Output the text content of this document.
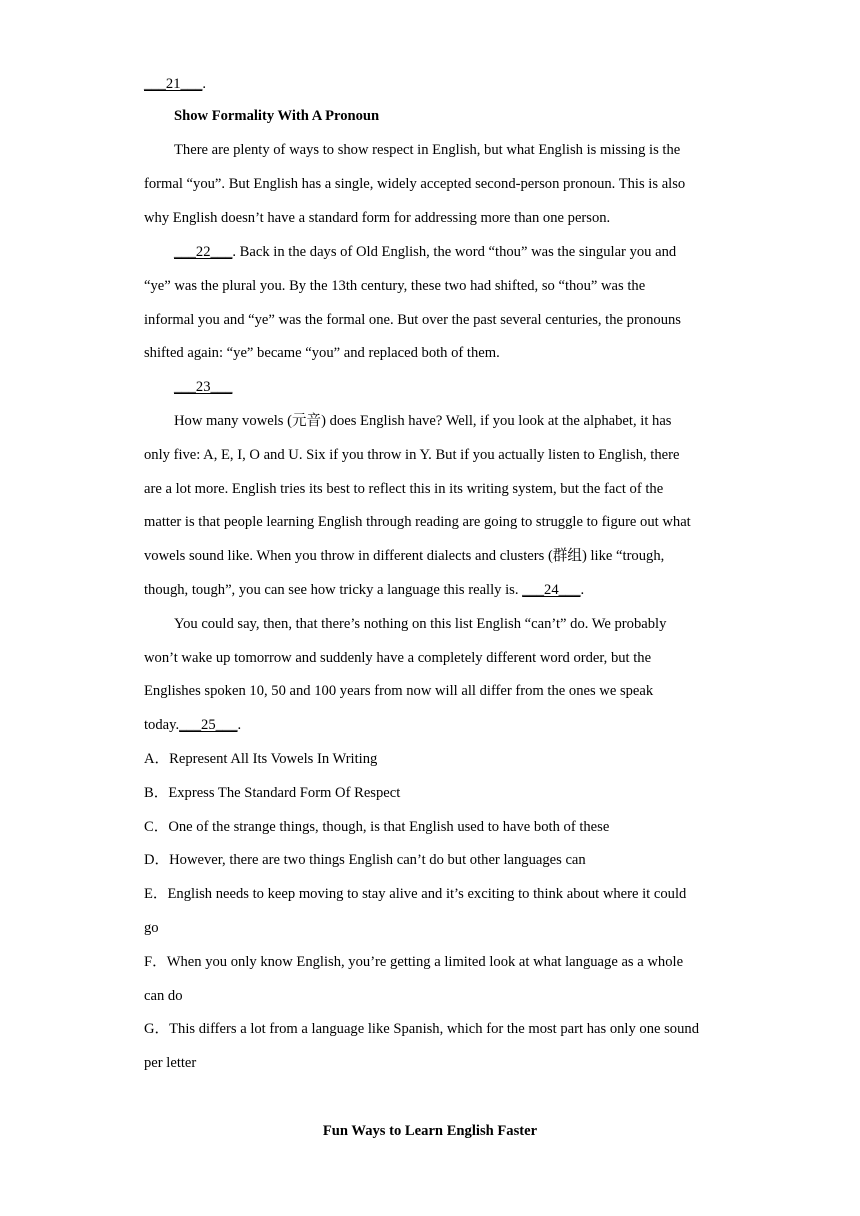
___21___.
Show Formality With A Pronoun
There are plenty of ways to show respect in English, but what English is missing is the
formal “you”. But English has a single, widely accepted second-person pronoun. This is also
why English doesn’t have a standard form for addressing more than one person.
___22___. Back in the days of Old English, the word “thou” was the singular you and
“ye” was the plural you. By the 13th century, these two had shifted, so “thou” was the
informal you and “ye” was the formal one. But over the past several centuries, the pronouns
shifted again: “ye” became “you” and replaced both of them.
___23___
How many vowels (元音) does English have? Well, if you look at the alphabet, it has
only five: A, E, I, O and U. Six if you throw in Y. But if you actually listen to English, there
are a lot more. English tries its best to reflect this in its writing system, but the fact of the
matter is that people learning English through reading are going to struggle to figure out what
vowels sound like. When you throw in different dialects and clusters (群组) like “trough,
though, tough”, you can see how tricky a language this really is. ___24___.
You could say, then, that there’s nothing on this list English “can’t” do. We probably
won’t wake up tomorrow and suddenly have a completely different word order, but the
Englishes spoken 10, 50 and 100 years from now will all differ from the ones we speak
today.___25___.
A．Represent All Its Vowels In Writing
B．Express The Standard Form Of Respect
C．One of the strange things, though, is that English used to have both of these
D．However, there are two things English can’t do but other languages can
E．English needs to keep moving to stay alive and it’s exciting to think about where it could
go
F．When you only know English, you’re getting a limited look at what language as a whole
can do
G．This differs a lot from a language like Spanish, which for the most part has only one sound
per letter
Fun Ways to Learn English Faster
